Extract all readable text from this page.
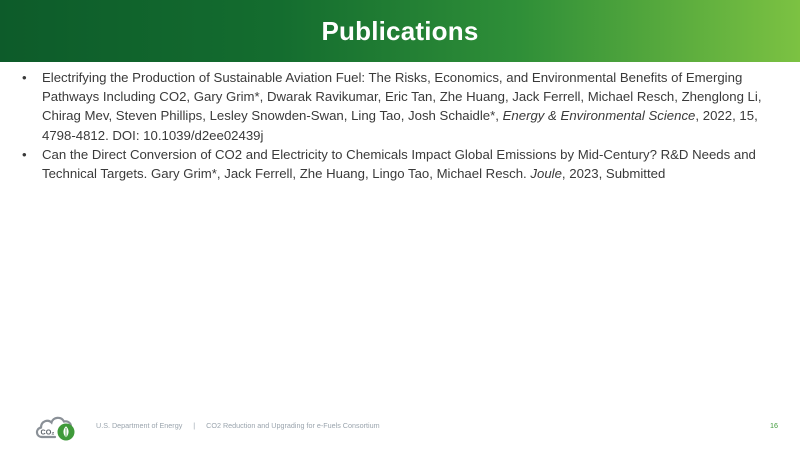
Publications
• Electrifying the Production of Sustainable Aviation Fuel: The Risks, Economics, and Environmental Benefits of Emerging Pathways Including CO2, Gary Grim*, Dwarak Ravikumar, Eric Tan, Zhe Huang, Jack Ferrell, Michael Resch, Zhenglong Li, Chirag Mev, Steven Phillips, Lesley Snowden-Swan, Ling Tao, Josh Schaidle*, Energy & Environmental Science, 2022, 15, 4798-4812. DOI: 10.1039/d2ee02439j
• Can the Direct Conversion of CO2 and Electricity to Chemicals Impact Global Emissions by Mid-Century? R&D Needs and Technical Targets. Gary Grim*, Jack Ferrell, Zhe Huang, Lingo Tao, Michael Resch. Joule, 2023, Submitted
CO₂
U.S. Department of Energy | CO2 Reduction and Upgrading for e-Fuels Consortium	16
